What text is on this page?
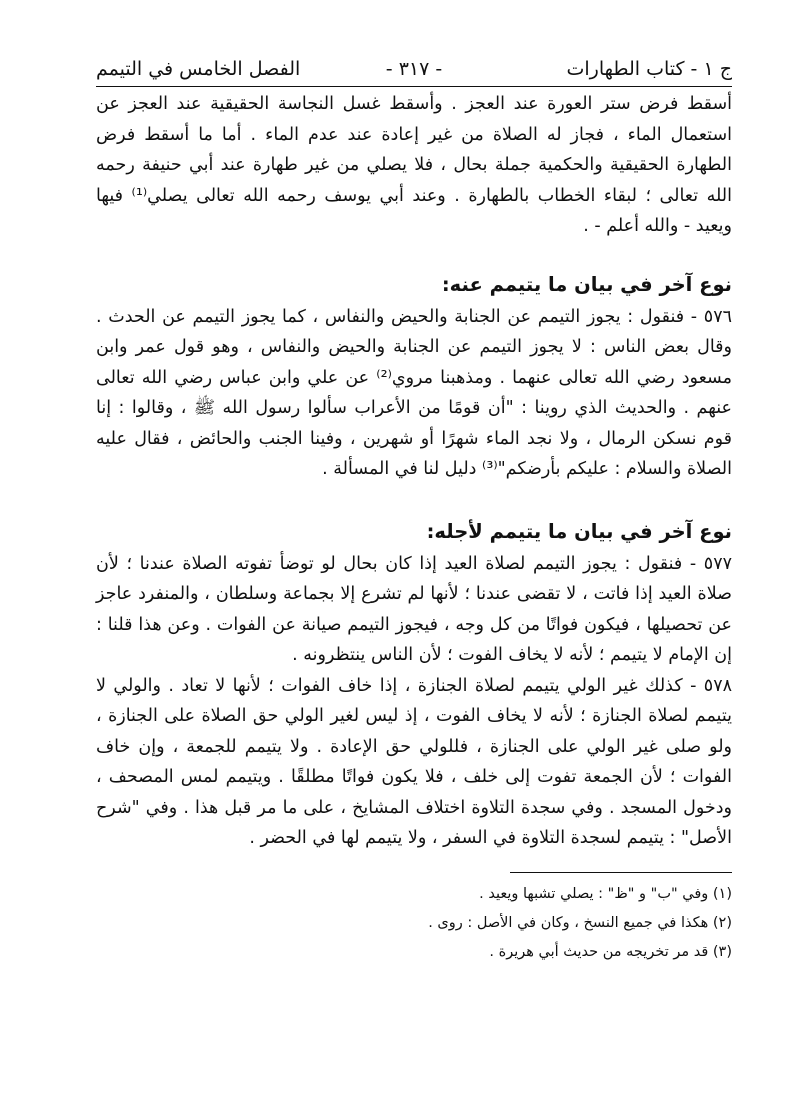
ج ١ - كتاب الطهارات
- ٣١٧ -
الفصل الخامس في التيمم

أسقط فرض ستر العورة عند العجز . وأسقط غسل النجاسة الحقيقية عند العجز عن استعمال الماء ، فجاز له الصلاة من غير إعادة عند عدم الماء . أما ما أسقط فرض الطهارة الحقيقية والحكمية جملة بحال ، فلا يصلي من غير طهارة عند أبي حنيفة رحمه الله تعالى ؛ لبقاء الخطاب بالطهارة . وعند أبي يوسف رحمه الله تعالى يصلي⁽¹⁾ فيها ويعيد - والله أعلم - .

نوع آخر في بيان ما يتيمم عنه:

٥٧٦ - فنقول : يجوز التيمم عن الجنابة والحيض والنفاس ، كما يجوز التيمم عن الحدث . وقال بعض الناس : لا يجوز التيمم عن الجنابة والحيض والنفاس ، وهو قول عمر وابن مسعود رضي الله تعالى عنهما . ومذهبنا مروي⁽²⁾ عن علي وابن عباس رضي الله تعالى عنهم . والحديث الذي روينا : "أن قومًا من الأعراب سألوا رسول الله ﷺ ، وقالوا : إنا قوم نسكن الرمال ، ولا نجد الماء شهرًا أو شهرين ، وفينا الجنب والحائض ، فقال عليه الصلاة والسلام : عليكم بأرضكم"⁽³⁾ دليل لنا في المسألة .

نوع آخر في بيان ما يتيمم لأجله:

٥٧٧ - فنقول : يجوز التيمم لصلاة العيد إذا كان بحال لو توضأ تفوته الصلاة عندنا ؛ لأن صلاة العيد إذا فاتت ، لا تقضى عندنا ؛ لأنها لم تشرع إلا بجماعة وسلطان ، والمنفرد عاجز عن تحصيلها ، فيكون فواتًا من كل وجه ، فيجوز التيمم صيانة عن الفوات . وعن هذا قلنا : إن الإمام لا يتيمم ؛ لأنه لا يخاف الفوت ؛ لأن الناس ينتظرونه .

٥٧٨ - كذلك غير الولي يتيمم لصلاة الجنازة ، إذا خاف الفوات ؛ لأنها لا تعاد . والولي لا يتيمم لصلاة الجنازة ؛ لأنه لا يخاف الفوت ، إذ ليس لغير الولي حق الصلاة على الجنازة ، ولو صلى غير الولي على الجنازة ، فللولي حق الإعادة . ولا يتيمم للجمعة ، وإن خاف الفوات ؛ لأن الجمعة تفوت إلى خلف ، فلا يكون فواتًا مطلقًا . ويتيمم لمس المصحف ، ودخول المسجد . وفي سجدة التلاوة اختلاف المشايخ ، على ما مر قبل هذا . وفي "شرح الأصل" : يتيمم لسجدة التلاوة في السفر ، ولا يتيمم لها في الحضر .

(١) وفي "ب" و "ظ" : يصلي تشبها ويعيد .

(٢) هكذا في جميع النسخ ، وكان في الأصل : روى .

(٣) قد مر تخريجه من حديث أبي هريرة .
